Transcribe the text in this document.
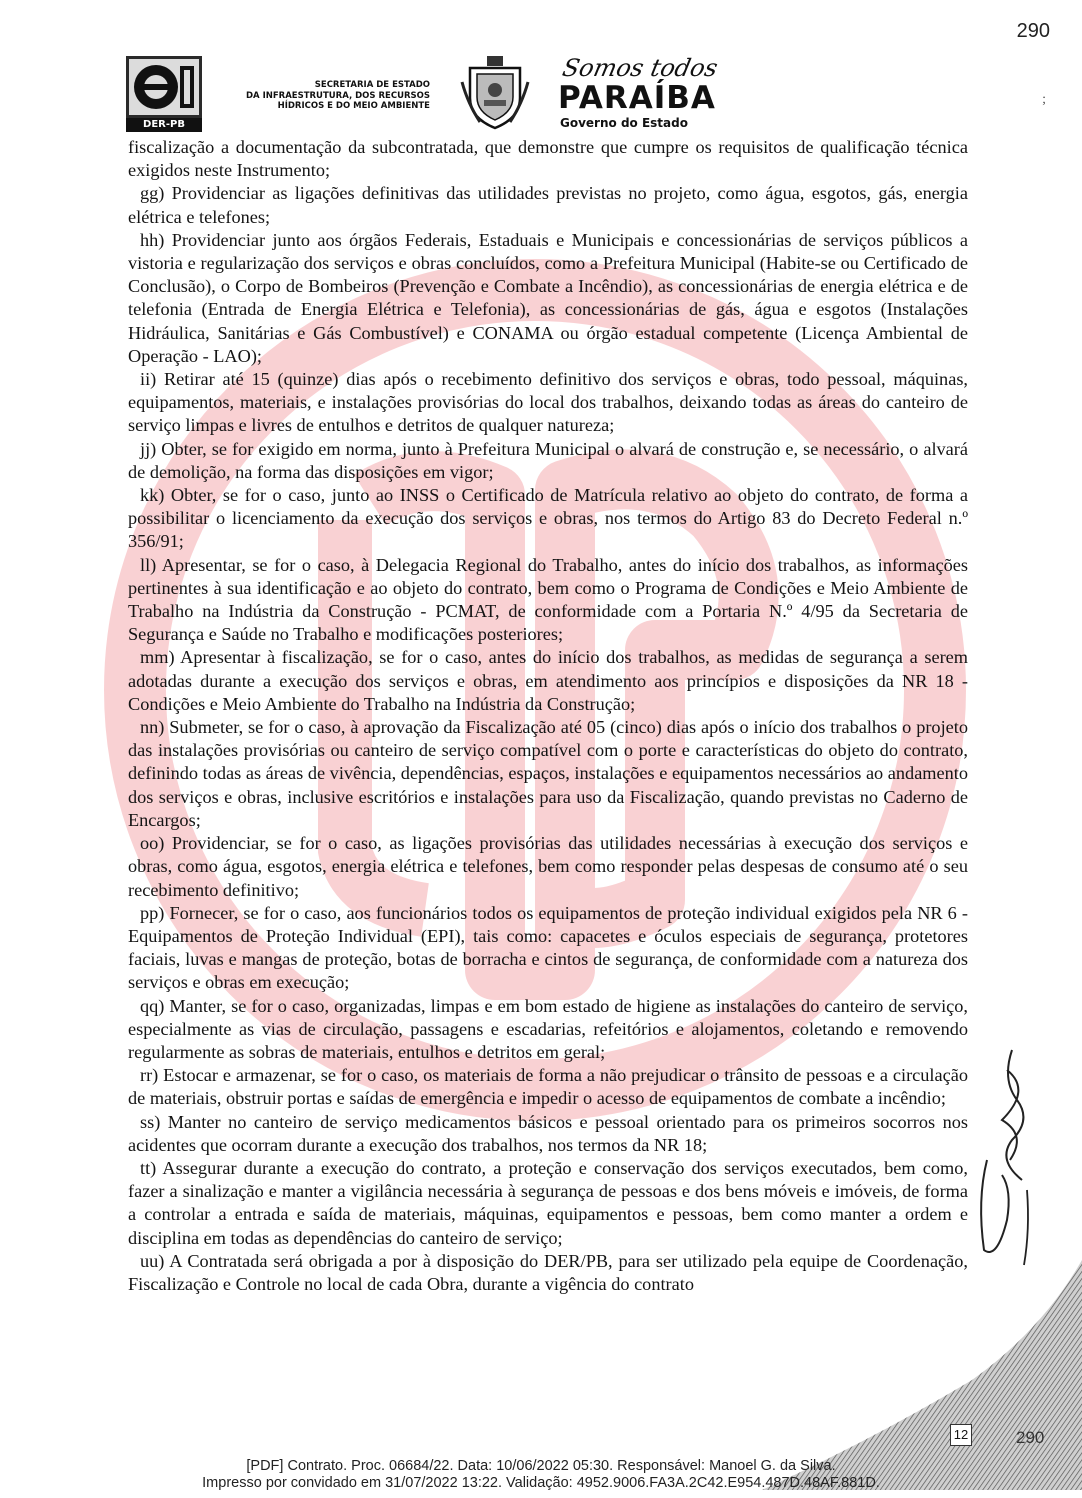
290
;
DER-PB
SECRETARIA DE ESTADO
DA INFRAESTRUTURA, DOS RECURSOS
HÍDRICOS E DO MEIO AMBIENTE
Somos todos
PARAÍBA
Governo do Estado

fiscalização a documentação da subcontratada, que demonstre que cumpre os requisitos de qualificação técnica exigidos neste Instrumento;

gg) Providenciar as ligações definitivas das utilidades previstas no projeto, como água, esgotos, gás, energia elétrica e telefones;

hh) Providenciar junto aos órgãos Federais, Estaduais e Municipais e concessionárias de serviços públicos a vistoria e regularização dos serviços e obras concluídos, como a Prefeitura Municipal (Habite-se ou Certificado de Conclusão), o Corpo de Bombeiros (Prevenção e Combate a Incêndio), as concessionárias de energia elétrica e de telefonia (Entrada de Energia Elétrica e Telefonia), as concessionárias de gás, água e esgotos (Instalações Hidráulica, Sanitárias e Gás Combustível) e CONAMA ou órgão estadual competente (Licença Ambiental de Operação - LAO);

ii) Retirar até 15 (quinze) dias após o recebimento definitivo dos serviços e obras, todo pessoal, máquinas, equipamentos, materiais, e instalações provisórias do local dos trabalhos, deixando todas as áreas do canteiro de serviço limpas e livres de entulhos e detritos de qualquer natureza;

jj) Obter, se for exigido em norma, junto à Prefeitura Municipal o alvará de construção e, se necessário, o alvará de demolição, na forma das disposições em vigor;

kk) Obter, se for o caso, junto ao INSS o Certificado de Matrícula relativo ao objeto do contrato, de forma a possibilitar o licenciamento da execução dos serviços e obras, nos termos do Artigo 83 do Decreto Federal n.º 356/91;

ll) Apresentar, se for o caso, à Delegacia Regional do Trabalho, antes do início dos trabalhos, as informações pertinentes à sua identificação e ao objeto do contrato, bem como o Programa de Condições e Meio Ambiente de Trabalho na Indústria da Construção - PCMAT, de conformidade com a Portaria N.º 4/95 da Secretaria de Segurança e Saúde no Trabalho e modificações posteriores;

mm) Apresentar à fiscalização, se for o caso, antes do início dos trabalhos, as medidas de segurança a serem adotadas durante a execução dos serviços e obras, em atendimento aos princípios e disposições da NR 18 - Condições e Meio Ambiente do Trabalho na Indústria da Construção;

nn) Submeter, se for o caso, à aprovação da Fiscalização até 05 (cinco) dias após o início dos trabalhos o projeto das instalações provisórias ou canteiro de serviço compatível com o porte e características do objeto do contrato, definindo todas as áreas de vivência, dependências, espaços, instalações e equipamentos necessários ao andamento dos serviços e obras, inclusive escritórios e instalações para uso da Fiscalização, quando previstas no Caderno de Encargos;

oo) Providenciar, se for o caso, as ligações provisórias das utilidades necessárias à execução dos serviços e obras, como água, esgotos, energia elétrica e telefones, bem como responder pelas despesas de consumo até o seu recebimento definitivo;

pp) Fornecer, se for o caso, aos funcionários todos os equipamentos de proteção individual exigidos pela NR 6 - Equipamentos de Proteção Individual (EPI), tais como: capacetes e óculos especiais de segurança, protetores faciais, luvas e mangas de proteção, botas de borracha e cintos de segurança, de conformidade com a natureza dos serviços e obras em execução;

qq) Manter, se for o caso, organizadas, limpas e em bom estado de higiene as instalações do canteiro de serviço, especialmente as vias de circulação, passagens e escadarias, refeitórios e alojamentos, coletando e removendo regularmente as sobras de materiais, entulhos e detritos em geral;

rr) Estocar e armazenar, se for o caso, os materiais de forma a não prejudicar o trânsito de pessoas e a circulação de materiais, obstruir portas e saídas de emergência e impedir o acesso de equipamentos de combate a incêndio;

ss) Manter no canteiro de serviço medicamentos básicos e pessoal orientado para os primeiros socorros nos acidentes que ocorram durante a execução dos trabalhos, nos termos da NR 18;

tt) Assegurar durante a execução do contrato, a proteção e conservação dos serviços executados, bem como, fazer a sinalização e manter a vigilância necessária à segurança de pessoas e dos bens móveis e imóveis, de forma a controlar a entrada e saída de materiais, máquinas, equipamentos e pessoas, bem como manter a ordem e disciplina em todas as dependências do canteiro de serviço;

uu) A Contratada será obrigada a por à disposição do DER/PB, para ser utilizado pela equipe de Coordenação, Fiscalização e Controle no local de cada Obra, durante a vigência do contrato

12	290
[PDF] Contrato. Proc. 06684/22. Data: 10/06/2022 05:30. Responsável: Manoel G. da Silva.
Impresso por convidado em 31/07/2022 13:22. Validação: 4952.9006.FA3A.2C42.E954.487D.48AF.881D.
